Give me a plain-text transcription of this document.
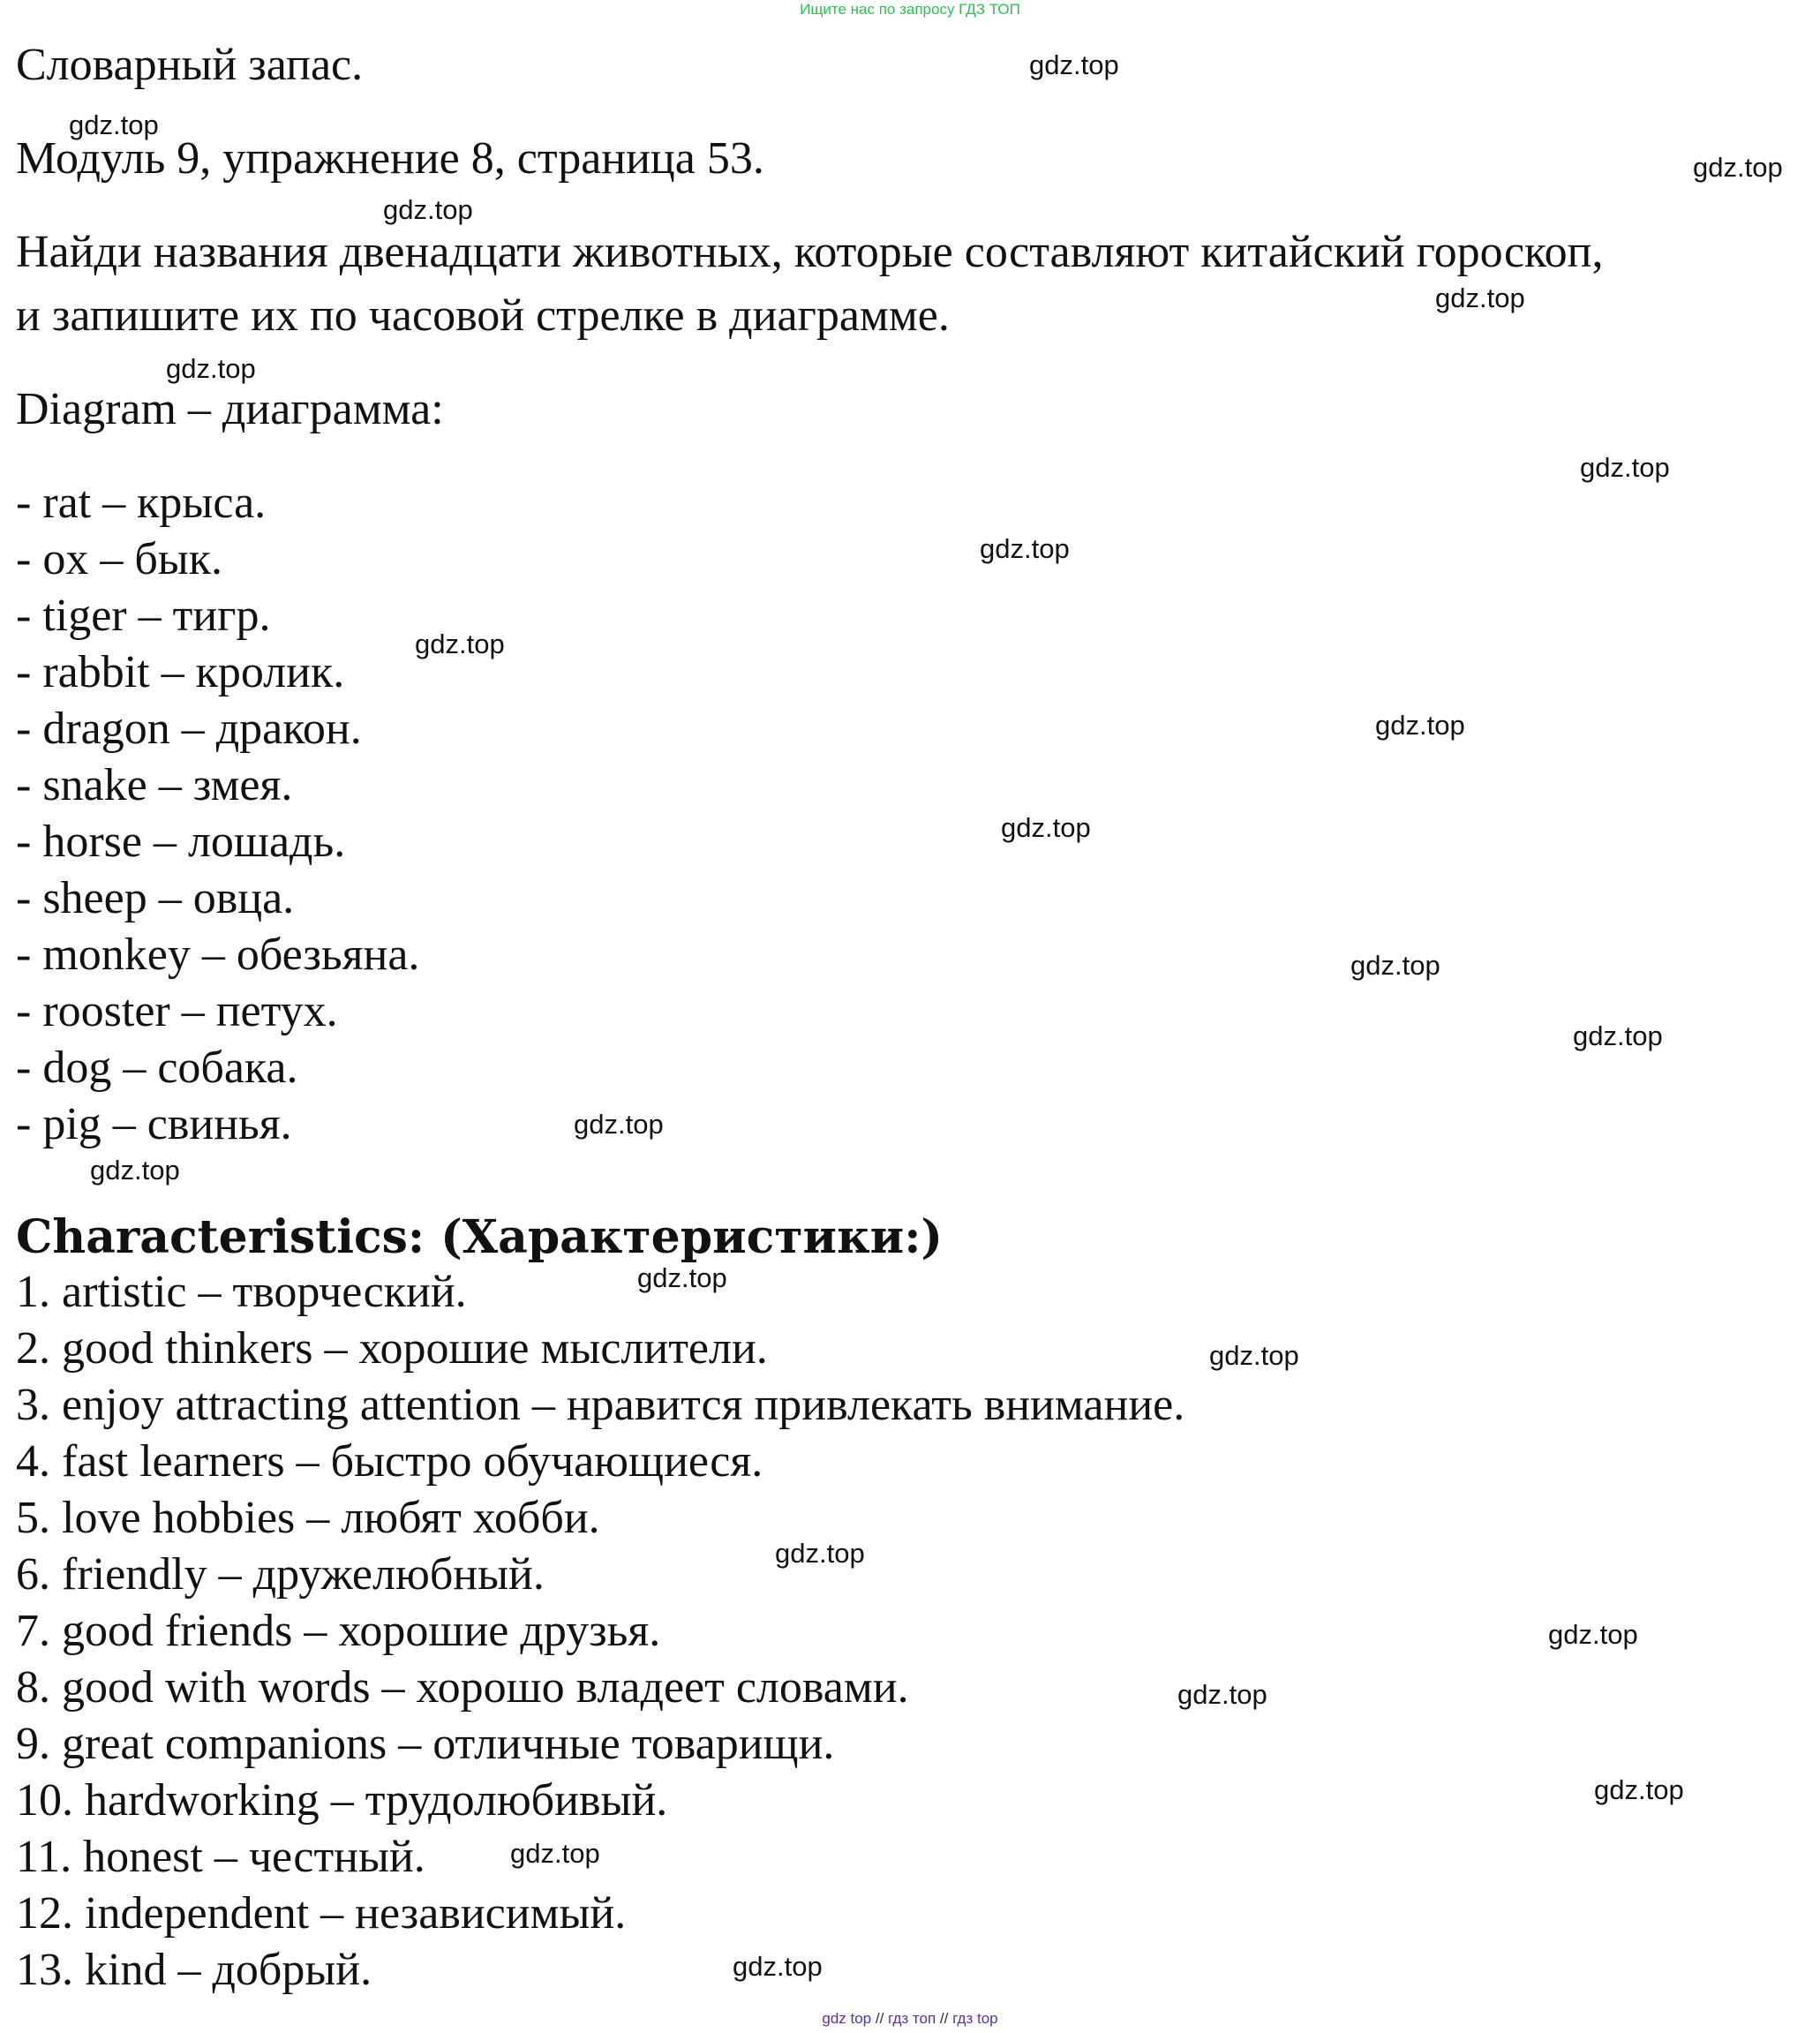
Ищите нас по запросу ГДЗ ТОП
Словарный запас.
Модуль 9, упражнение 8, страница 53.
Найди названия двенадцати животных, которые составляют китайский гороскоп,
и запишите их по часовой стрелке в диаграмме.
Diagram – диаграмма:
- rat – крыса.
- ox – бык.
- tiger – тигр.
- rabbit – кролик.
- dragon – дракон.
- snake – змея.
- horse – лошадь.
- sheep – овца.
- monkey – обезьяна.
- rooster – петух.
- dog – собака.
- pig – свинья.
Characteristics: (Характеристики:)
1. artistic – творческий.
2. good thinkers – хорошие мыслители.
3. enjoy attracting attention – нравится привлекать внимание.
4. fast learners – быстро обучающиеся.
5. love hobbies – любят хобби.
6. friendly – дружелюбный.
7. good friends – хорошие друзья.
8. good with words – хорошо владеет словами.
9. great companions – отличные товарищи.
10. hardworking – трудолюбивый.
11. honest – честный.
12. independent – независимый.
13. kind – добрый.
gdz.top
gdz.top
gdz.top
gdz.top
gdz.top
gdz.top
gdz.top
gdz.top
gdz.top
gdz.top
gdz.top
gdz.top
gdz.top
gdz.top
gdz.top
gdz.top
gdz.top
gdz.top
gdz.top
gdz.top
gdz.top
gdz.top
gdz.top
gdz top // гдз топ // гдз top
